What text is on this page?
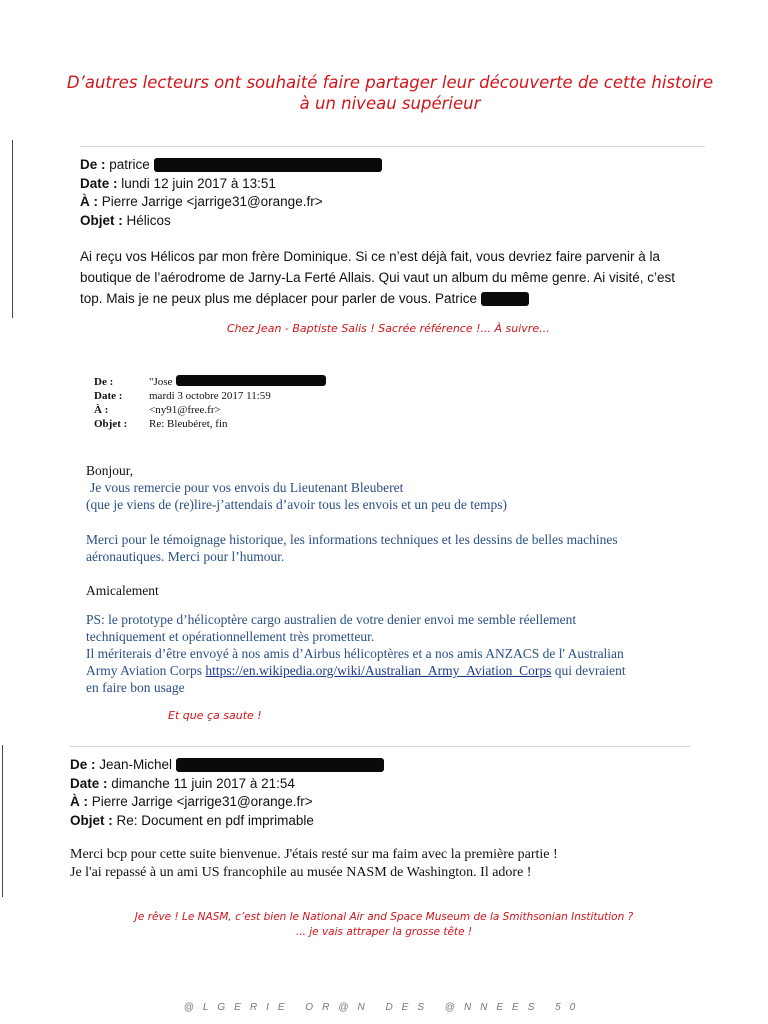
D’autres lecteurs ont souhaité faire partager leur découverte de cette histoire
à un niveau supérieur
De : patrice
Date : lundi 12 juin 2017 à 13:51
À : Pierre Jarrige <jarrige31@orange.fr>
Objet : Hélicos
Ai reçu vos Hélicos par mon frère Dominique. Si ce n’est déjà fait, vous devriez faire parvenir à la
boutique de l’aérodrome de Jarny-La Ferté Allais. Qui vaut un album du même genre. Ai visité, c’est
top. Mais je ne peux plus me déplacer pour parler de vous. Patrice
Chez Jean - Baptiste Salis ! Sacrée référence !... À suivre...
De :	"Jose
Date :	mardi 3 octobre 2017 11:59
À :	<ny91@free.fr>
Objet :	Re: Bleubéret, fin
Bonjour,
Je vous remercie pour vos envois du Lieutenant Bleuberet
(que je viens de (re)lire-j’attendais d’avoir tous les envois et un peu de temps)
Merci pour le témoignage historique, les informations techniques et les dessins de belles machines
aéronautiques. Merci pour l’humour.
Amicalement
PS: le prototype d’hélicoptère cargo australien de votre denier envoi me semble réellement
techniquement et opérationnellement très prometteur.
Il mériterais d’être envoyé à nos amis d’Airbus hélicoptères et a nos amis ANZACS de l' Australian
Army Aviation Corps https://en.wikipedia.org/wiki/Australian_Army_Aviation_Corps qui devraient
en faire bon usage
Et que ça saute !
De : Jean-Michel
Date : dimanche 11 juin 2017 à 21:54
À : Pierre Jarrige <jarrige31@orange.fr>
Objet : Re: Document en pdf imprimable
Merci bcp pour cette suite bienvenue. J'étais resté sur ma faim avec la première partie !
Je l'ai repassé à un ami US francophile au musée NASM de Washington. Il adore !
Je rêve ! Le NASM, c’est bien le National Air and Space Museum de la Smithsonian Institution ?
... je vais attraper la grosse tête !
@LGERIE OR@N DES @NNEES 50
